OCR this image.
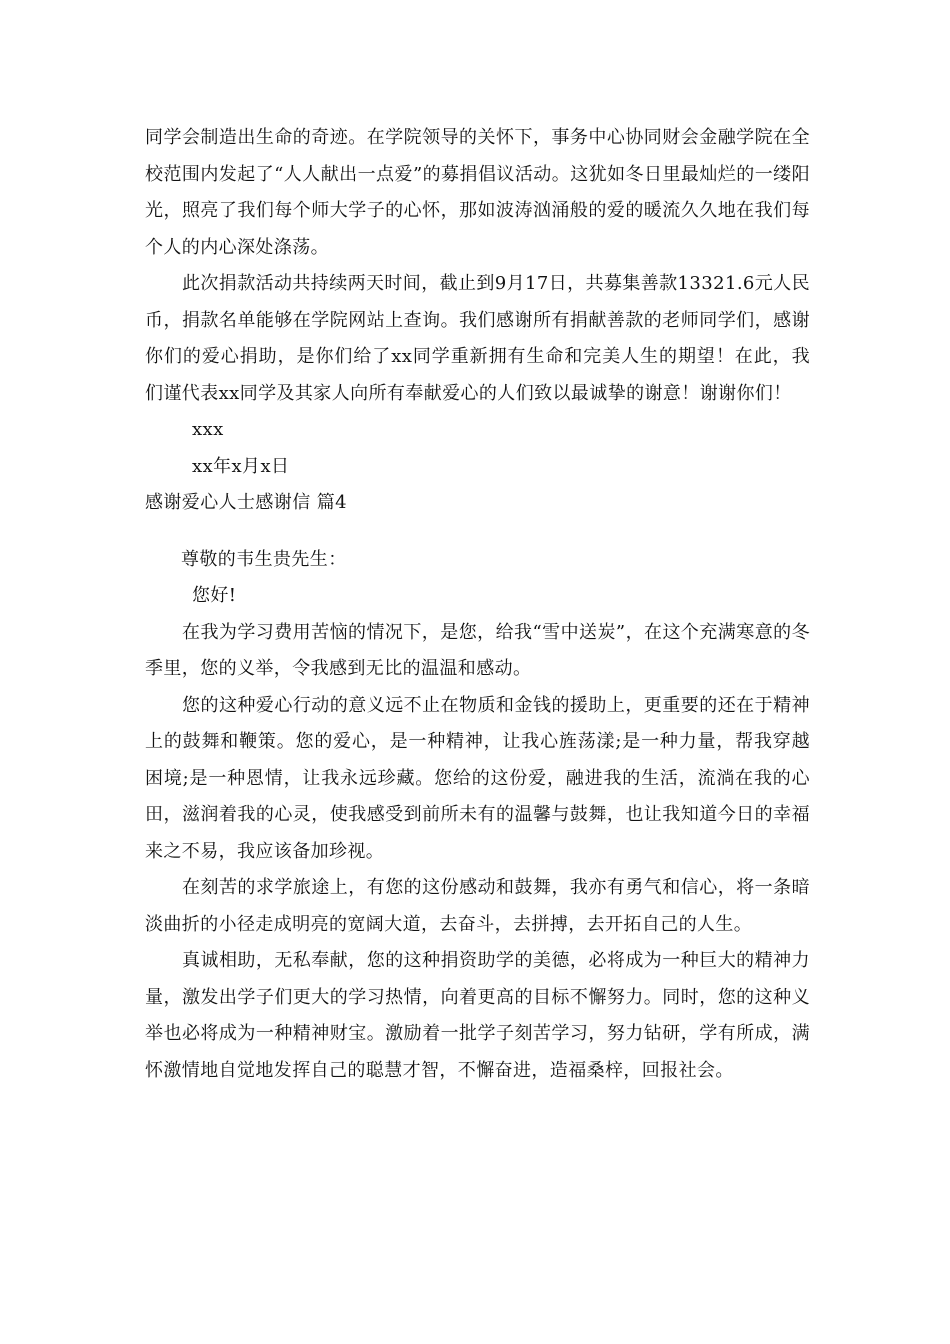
同学会制造出生命的奇迹。在学院领导的关怀下，事务中心协同财会金融学院在全校范围内发起了“人人献出一点爱”的募捐倡议活动。这犹如冬日里最灿烂的一缕阳光，照亮了我们每个师大学子的心怀，那如波涛汹涌般的爱的暖流久久地在我们每个人的内心深处涤荡。

此次捐款活动共持续两天时间，截止到9月17日，共募集善款13321.6元人民币，捐款名单能够在学院网站上查询。我们感谢所有捐献善款的老师同学们，感谢你们的爱心捐助，是你们给了xx同学重新拥有生命和完美人生的期望！在此，我们谨代表xx同学及其家人向所有奉献爱心的人们致以最诚挚的谢意！谢谢你们！

xxx

xx年x月x日

感谢爱心人士感谢信 篇4

尊敬的韦生贵先生：

您好!

在我为学习费用苦恼的情况下，是您，给我“雪中送炭”，在这个充满寒意的冬季里，您的义举，令我感到无比的温温和感动。

您的这种爱心行动的意义远不止在物质和金钱的援助上，更重要的还在于精神上的鼓舞和鞭策。您的爱心，是一种精神，让我心旌荡漾;是一种力量，帮我穿越困境;是一种恩情，让我永远珍藏。您给的这份爱，融进我的生活，流淌在我的心田，滋润着我的心灵，使我感受到前所未有的温馨与鼓舞，也让我知道今日的幸福来之不易，我应该备加珍视。

在刻苦的求学旅途上，有您的这份感动和鼓舞，我亦有勇气和信心，将一条暗淡曲折的小径走成明亮的宽阔大道，去奋斗，去拼搏，去开拓自己的人生。

真诚相助，无私奉献，您的这种捐资助学的美德，必将成为一种巨大的精神力量，激发出学子们更大的学习热情，向着更高的目标不懈努力。同时，您的这种义举也必将成为一种精神财宝。激励着一批学子刻苦学习，努力钻研，学有所成，满怀激情地自觉地发挥自己的聪慧才智，不懈奋进，造福桑梓，回报社会。
